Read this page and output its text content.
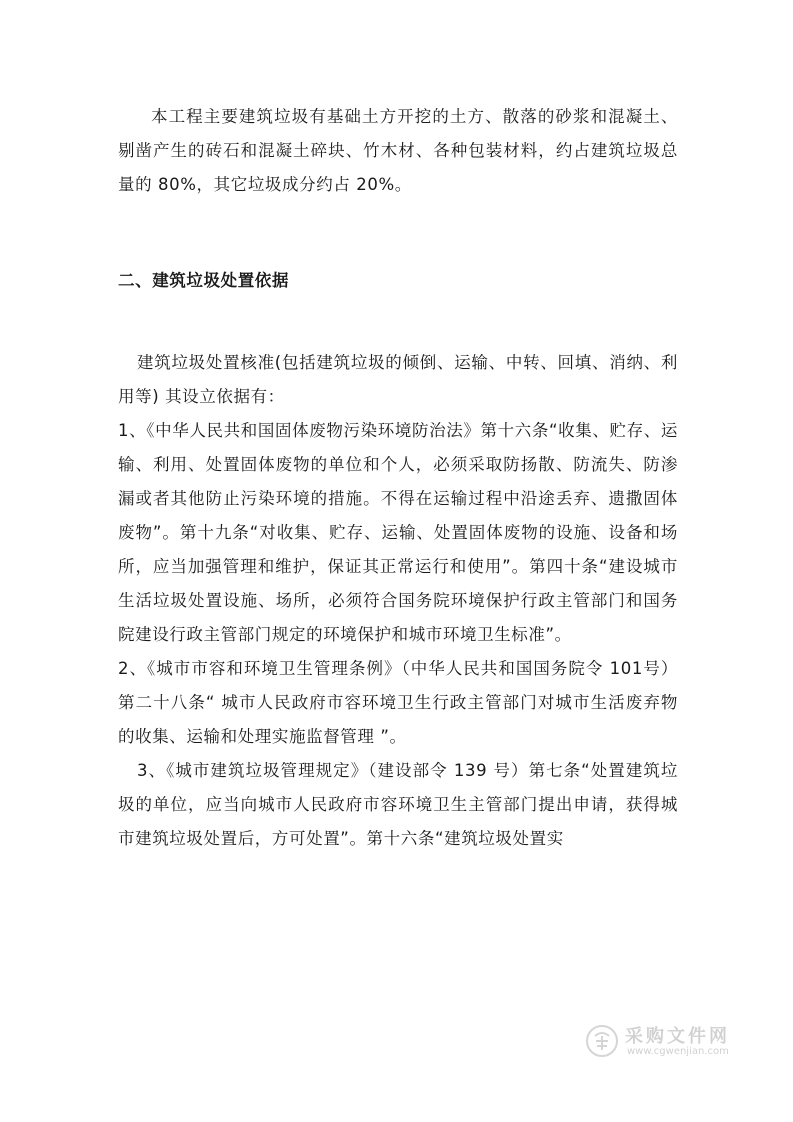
本工程主要建筑垃圾有基础土方开挖的土方、散落的砂浆和混凝土、剔凿产生的砖石和混凝土碎块、竹木材、各种包装材料，约占建筑垃圾总量的 80%，其它垃圾成分约占 20%。

二、建筑垃圾处置依据

建筑垃圾处置核准(包括建筑垃圾的倾倒、运输、中转、回填、消纳、利用等) 其设立依据有：

1、《中华人民共和国固体废物污染环境防治法》第十六条“收集、贮存、运输、利用、处置固体废物的单位和个人，必须采取防扬散、防流失、防渗漏或者其他防止污染环境的措施。不得在运输过程中沿途丢弃、遗撒固体废物”。第十九条“对收集、贮存、运输、处置固体废物的设施、设备和场所，应当加强管理和维护，保证其正常运行和使用”。第四十条“建设城市生活垃圾处置设施、场所，必须符合国务院环境保护行政主管部门和国务院建设行政主管部门规定的环境保护和城市环境卫生标准”。

2、《城市市容和环境卫生管理条例》（中华人民共和国国务院令 101号）第二十八条“ 城市人民政府市容环境卫生行政主管部门对城市生活废弃物的收集、运输和处理实施监督管理 ”。

3、《城市建筑垃圾管理规定》（建设部令 139 号）第七条“处置建筑垃圾的单位，应当向城市人民政府市容环境卫生主管部门提出申请，获得城市建筑垃圾处置后，方可处置”。第十六条“建筑垃圾处置实

采购文件网
www.cgwenjian.com
